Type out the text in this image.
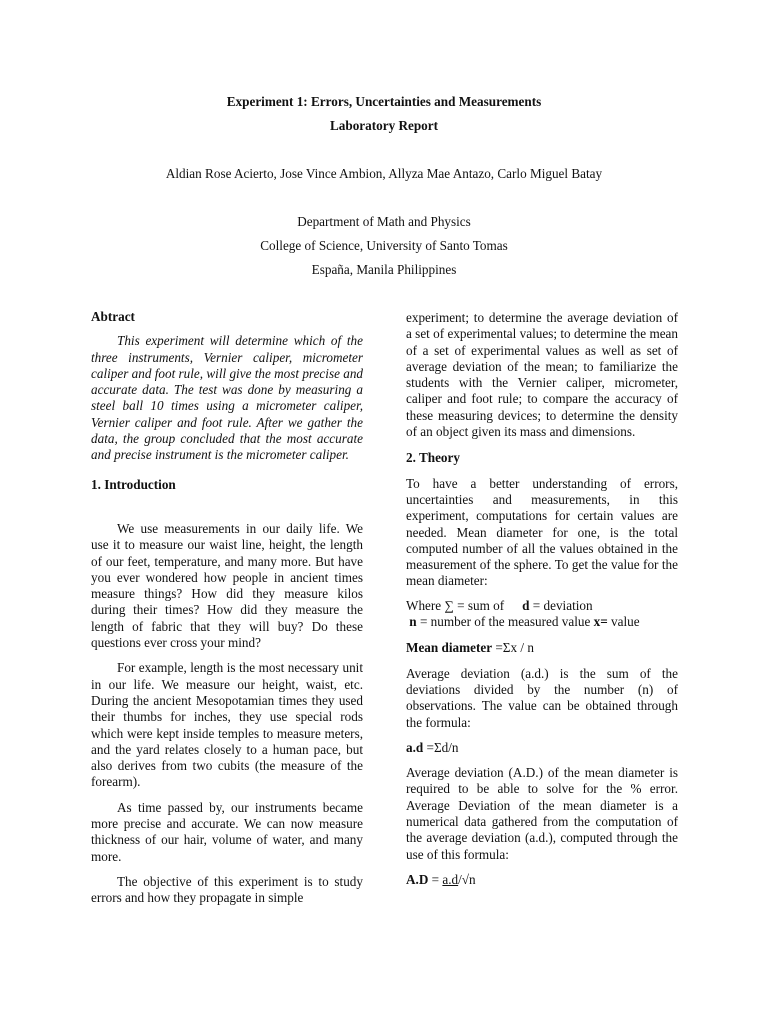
Experiment 1: Errors, Uncertainties and Measurements
Laboratory Report
Aldian Rose Acierto, Jose Vince Ambion, Allyza Mae Antazo, Carlo Miguel Batay
Department of Math and Physics
College of Science, University of Santo Tomas
España, Manila Philippines

Abtract

This experiment will determine which of the three instruments, Vernier caliper, micrometer caliper and foot rule, will give the most precise and accurate data. The test was done by measuring a steel ball 10 times using a micrometer caliper, Vernier caliper and foot rule. After we gather the data, the group concluded that the most accurate and precise instrument is the micrometer caliper.

1. Introduction

We use measurements in our daily life. We use it to measure our waist line, height, the length of our feet, temperature, and many more. But have you ever wondered how people in ancient times measure things? How did they measure kilos during their times? How did they measure the length of fabric that they will buy? Do these questions ever cross your mind?

For example, length is the most necessary unit in our life. We measure our height, waist, etc. During the ancient Mesopotamian times they used their thumbs for inches, they use special rods which were kept inside temples to measure meters, and the yard relates closely to a human pace, but also derives from two cubits (the measure of the forearm).

As time passed by, our instruments became more precise and accurate. We can now measure thickness of our hair, volume of water, and many more.

The objective of this experiment is to study errors and how they propagate in simple

experiment; to determine the average deviation of a set of experimental values; to determine the mean of a set of experimental values as well as set of average deviation of the mean; to familiarize the students with the Vernier caliper, micrometer, caliper and foot rule; to compare the accuracy of these measuring devices; to determine the density of an object given its mass and dimensions.

2. Theory

To have a better understanding of errors, uncertainties and measurements, in this experiment, computations for certain values are needed. Mean diameter for one, is the total computed number of all the values obtained in the measurement of the sphere. To get the value for the mean diameter:

Where ∑ = sum of d = deviation

n = number of the measured value x= value

Mean diameter =Σx / n

Average deviation (a.d.) is the sum of the deviations divided by the number (n) of observations. The value can be obtained through the formula:

a.d =Σd/n

Average deviation (A.D.) of the mean diameter is required to be able to solve for the % error. Average Deviation of the mean diameter is a numerical data gathered from the computation of the average deviation (a.d.), computed through the use of this formula:

A.D = a.d/√n
